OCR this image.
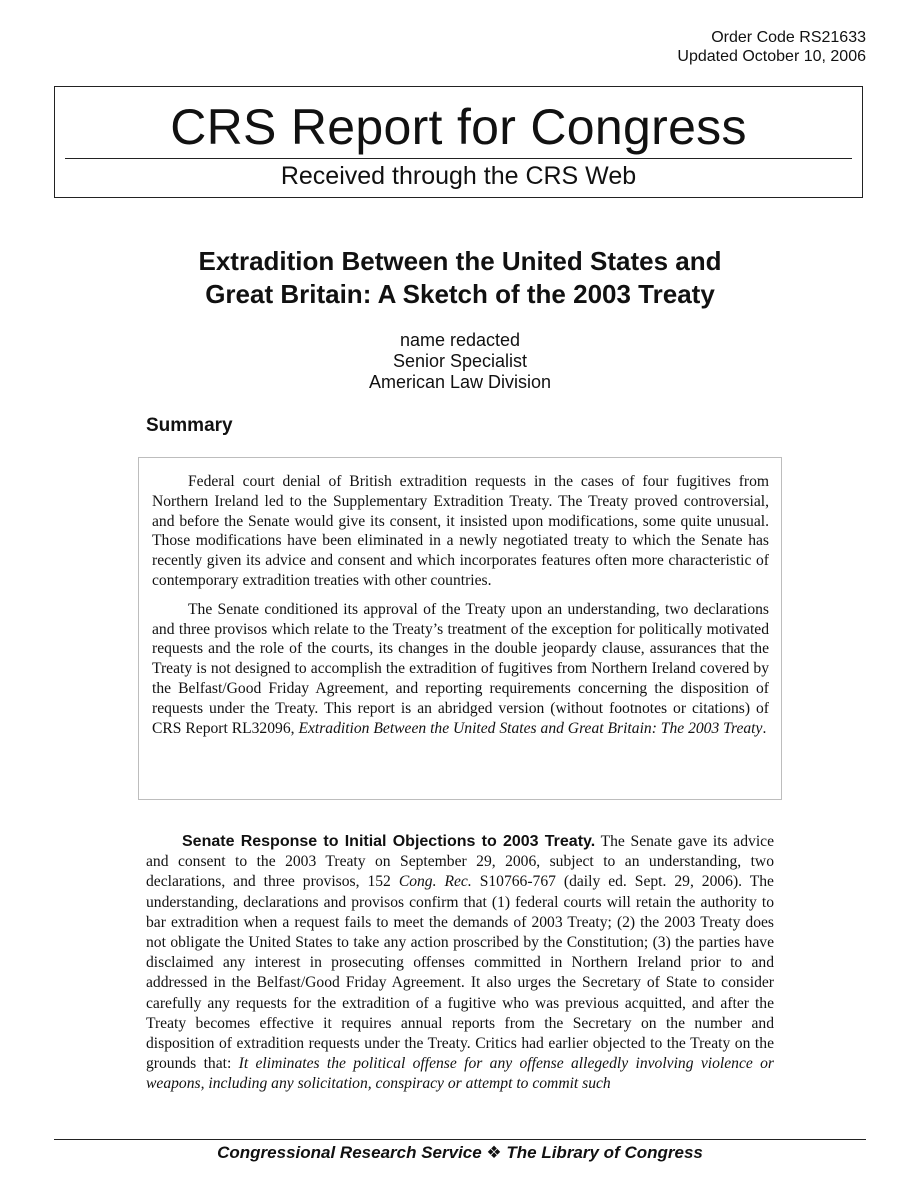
Order Code RS21633
Updated October 10, 2006
CRS Report for Congress
Received through the CRS Web
Extradition Between the United States and
Great Britain: A Sketch of the 2003 Treaty
name redacted
Senior Specialist
American Law Division
Summary

Federal court denial of British extradition requests in the cases of four fugitives from Northern Ireland led to the Supplementary Extradition Treaty. The Treaty proved controversial, and before the Senate would give its consent, it insisted upon modifications, some quite unusual. Those modifications have been eliminated in a newly negotiated treaty to which the Senate has recently given its advice and consent and which incorporates features often more characteristic of contemporary extradition treaties with other countries.

The Senate conditioned its approval of the Treaty upon an understanding, two declarations and three provisos which relate to the Treaty’s treatment of the exception for politically motivated requests and the role of the courts, its changes in the double jeopardy clause, assurances that the Treaty is not designed to accomplish the extradition of fugitives from Northern Ireland covered by the Belfast/Good Friday Agreement, and reporting requirements concerning the disposition of requests under the Treaty. This report is an abridged version (without footnotes or citations) of CRS Report RL32096, Extradition Between the United States and Great Britain: The 2003 Treaty.

Senate Response to Initial Objections to 2003 Treaty. The Senate gave its advice and consent to the 2003 Treaty on September 29, 2006, subject to an understanding, two declarations, and three provisos, 152 Cong. Rec. S10766-767 (daily ed. Sept. 29, 2006). The understanding, declarations and provisos confirm that (1) federal courts will retain the authority to bar extradition when a request fails to meet the demands of 2003 Treaty; (2) the 2003 Treaty does not obligate the United States to take any action proscribed by the Constitution; (3) the parties have disclaimed any interest in prosecuting offenses committed in Northern Ireland prior to and addressed in the Belfast/Good Friday Agreement. It also urges the Secretary of State to consider carefully any requests for the extradition of a fugitive who was previous acquitted, and after the Treaty becomes effective it requires annual reports from the Secretary on the number and disposition of extradition requests under the Treaty. Critics had earlier objected to the Treaty on the grounds that: It eliminates the political offense for any offense allegedly involving violence or weapons, including any solicitation, conspiracy or attempt to commit such

Congressional Research Service ❖ The Library of Congress
